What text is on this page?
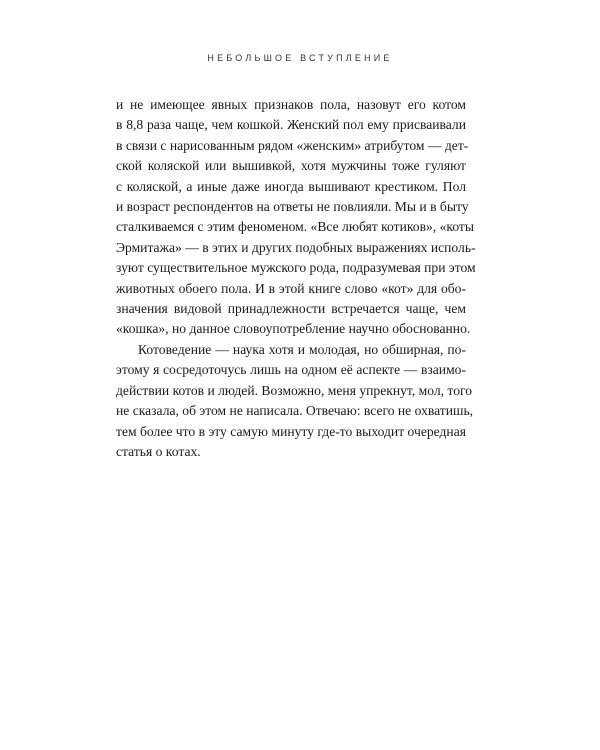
НЕБОЛЬШОЕ ВСТУПЛЕНИЕ

и не имеющее явных признаков пола, назовут его котом
в 8,8 раза чаще, чем кошкой. Женский пол ему присваивали
в связи с нарисованным рядом «женским» атрибутом — дет-
ской коляской или вышивкой, хотя мужчины тоже гуляют
с коляской, а иные даже иногда вышивают крестиком. Пол
и возраст респондентов на ответы не повлияли. Мы и в быту
сталкиваемся с этим феноменом. «Все любят котиков», «коты
Эрмитажа» — в этих и других подобных выражениях исполь-
зуют существительное мужского рода, подразумевая при этом
животных обоего пола. И в этой книге слово «кот» для обо-
значения видовой принадлежности встречается чаще, чем
«кошка», но данное словоупотребление научно обоснованно.

Котоведение — наука хотя и молодая, но обширная, по-
этому я сосредоточусь лишь на одном её аспекте — взаимо-
действии котов и людей. Возможно, меня упрекнут, мол, того
не сказала, об этом не написала. Отвечаю: всего не охватишь,
тем более что в эту самую минуту где-то выходит очередная
статья о котах.
